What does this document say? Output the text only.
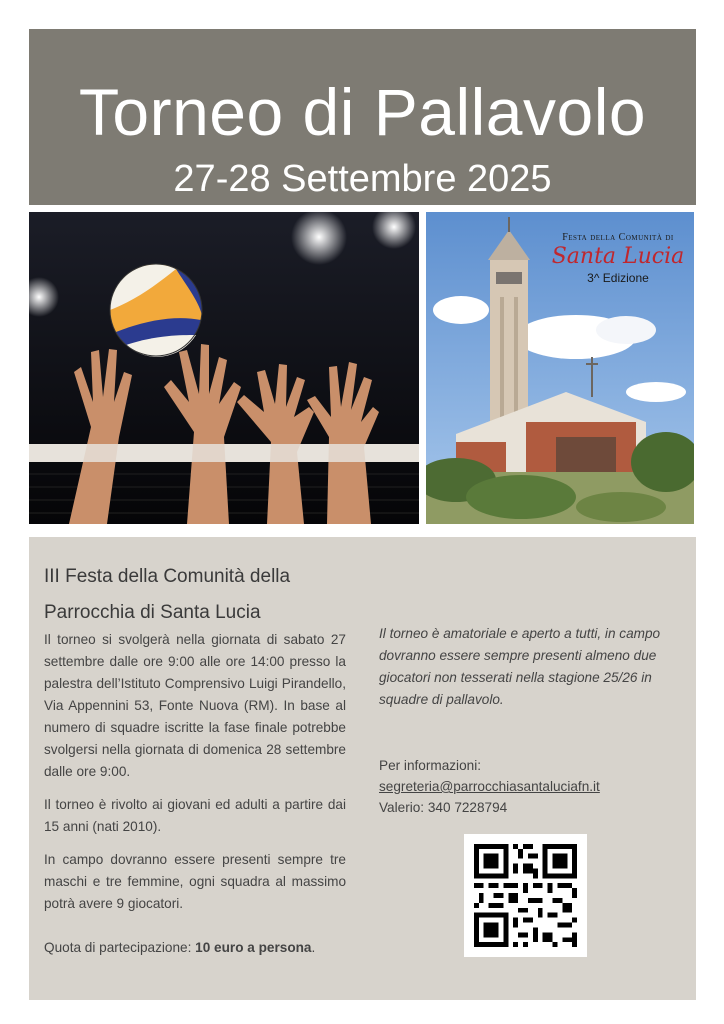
Torneo di Pallavolo
27-28 Settembre 2025
Festa della Comunità di
Santa Lucia
3^ Edizione
III Festa della Comunità della
Parrocchia di Santa Lucia

Il torneo si svolgerà nella giornata di sabato 27 settembre dalle ore 9:00 alle ore 14:00 presso la palestra dell’Istituto Comprensivo Luigi Pirandello, Via Appennini 53, Fonte Nuova (RM). In base al numero di squadre iscritte la fase finale potrebbe svolgersi nella giornata di domenica 28 settembre dalle ore 9:00.

Il torneo è rivolto ai giovani ed adulti a partire dai 15 anni (nati 2010).

In campo dovranno essere presenti sempre tre maschi e tre femmine, ogni squadra al massimo potrà avere 9 giocatori.

Quota di partecipazione: 10 euro a persona.

Il torneo è amatoriale e aperto a tutti, in campo dovranno essere sempre presenti almeno due giocatori non tesserati nella stagione 25/26 in squadre di pallavolo.

Per informazioni:
segreteria@parrocchiasantaluciafn.it
Valerio: 340 7228794
